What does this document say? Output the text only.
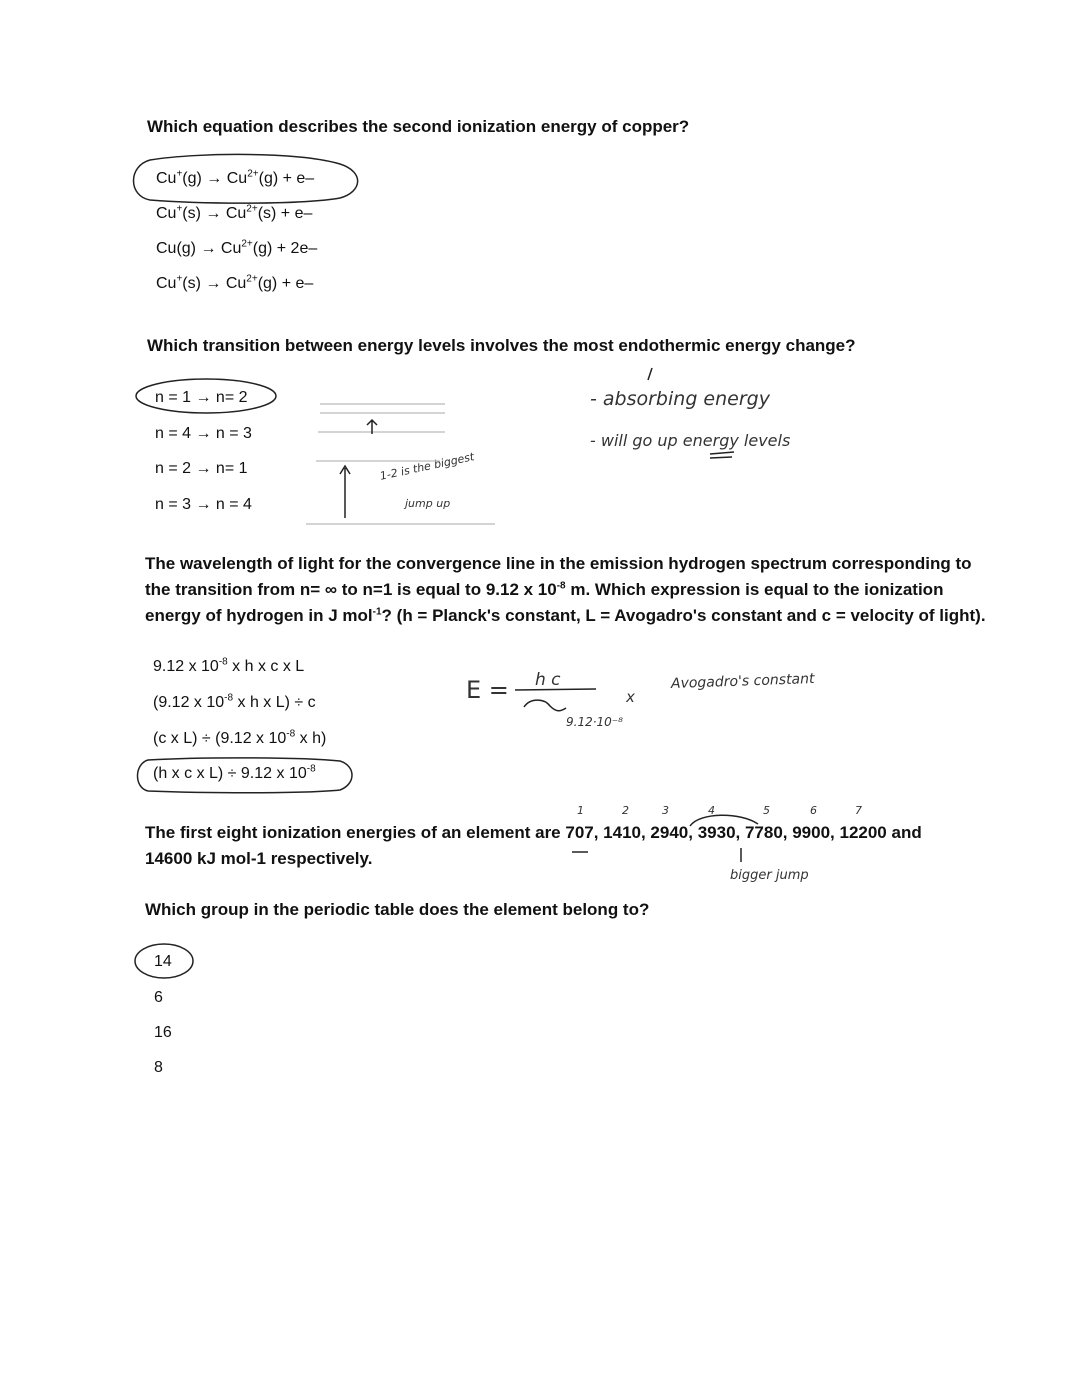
Which equation describes the second ionization energy of copper?
$Cu^+(g) \to Cu^{2+}(g) + e-$
$Cu^+(s) \to Cu^{2+}(s) + e-$
$Cu(g) \to Cu^{2+}(g) + 2e-$
$Cu^+(s) \to Cu^{2+}(g) + e-$
Which transition between energy levels involves the most endothermic energy change?
n = 1 → n= 2
n = 4 → n = 3
n = 2 → n= 1
n = 3 → n = 4
1-2 is the biggest
jump up
- absorbing energy
- will go up energy levels
The wavelength of light for the convergence line in the emission hydrogen spectrum corresponding to
the transition from n= ∞ to n=1 is equal to 9.12 x $10^{-8}$ m. Which expression is equal to the ionization
energy of hydrogen in J mol$^{-1}$? (h = Planck's constant, L = Avogadro's constant and c = velocity of light).
9.12 x $10^{-8}$ x h x c x L
(9.12 x $10^{-8}$ x h x L) ÷ c
(c x L) ÷ (9.12 x $10^{-8}$ x h)
(h x c x L) ÷ 9.12 x $10^{-8}$
E = h c
9.12·10⁻⁸
x
Avogadro's constant
1	2	3	4	5	6	7
The first eight ionization energies of an element are 707, 1410, 2940, 3930, 7780, 9900, 12200 and
14600 kJ mol-1 respectively.
bigger jump
Which group in the periodic table does the element belong to?
14
6
16
8
